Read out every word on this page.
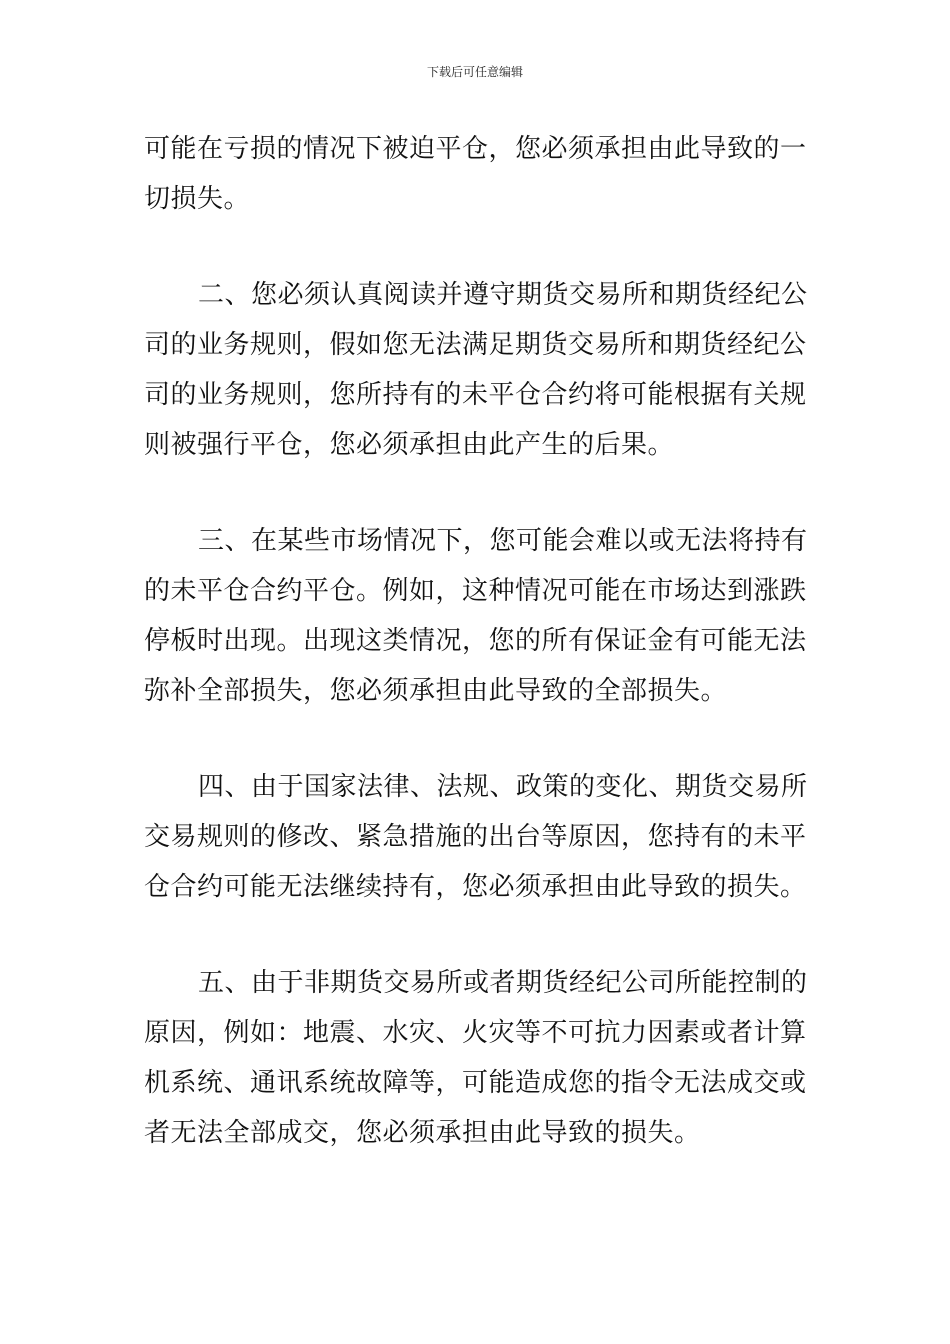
下载后可任意编辑
可能在亏损的情况下被迫平仓，您必须承担由此导致的一
切损失。
二、您必须认真阅读并遵守期货交易所和期货经纪公
司的业务规则，假如您无法满足期货交易所和期货经纪公
司的业务规则，您所持有的未平仓合约将可能根据有关规
则被强行平仓，您必须承担由此产生的后果。
三、在某些市场情况下，您可能会难以或无法将持有
的未平仓合约平仓。例如，这种情况可能在市场达到涨跌
停板时出现。出现这类情况，您的所有保证金有可能无法
弥补全部损失，您必须承担由此导致的全部损失。
四、由于国家法律、法规、政策的变化、期货交易所
交易规则的修改、紧急措施的出台等原因，您持有的未平
仓合约可能无法继续持有，您必须承担由此导致的损失。
五、由于非期货交易所或者期货经纪公司所能控制的
原因，例如：地震、水灾、火灾等不可抗力因素或者计算
机系统、通讯系统故障等，可能造成您的指令无法成交或
者无法全部成交，您必须承担由此导致的损失。
